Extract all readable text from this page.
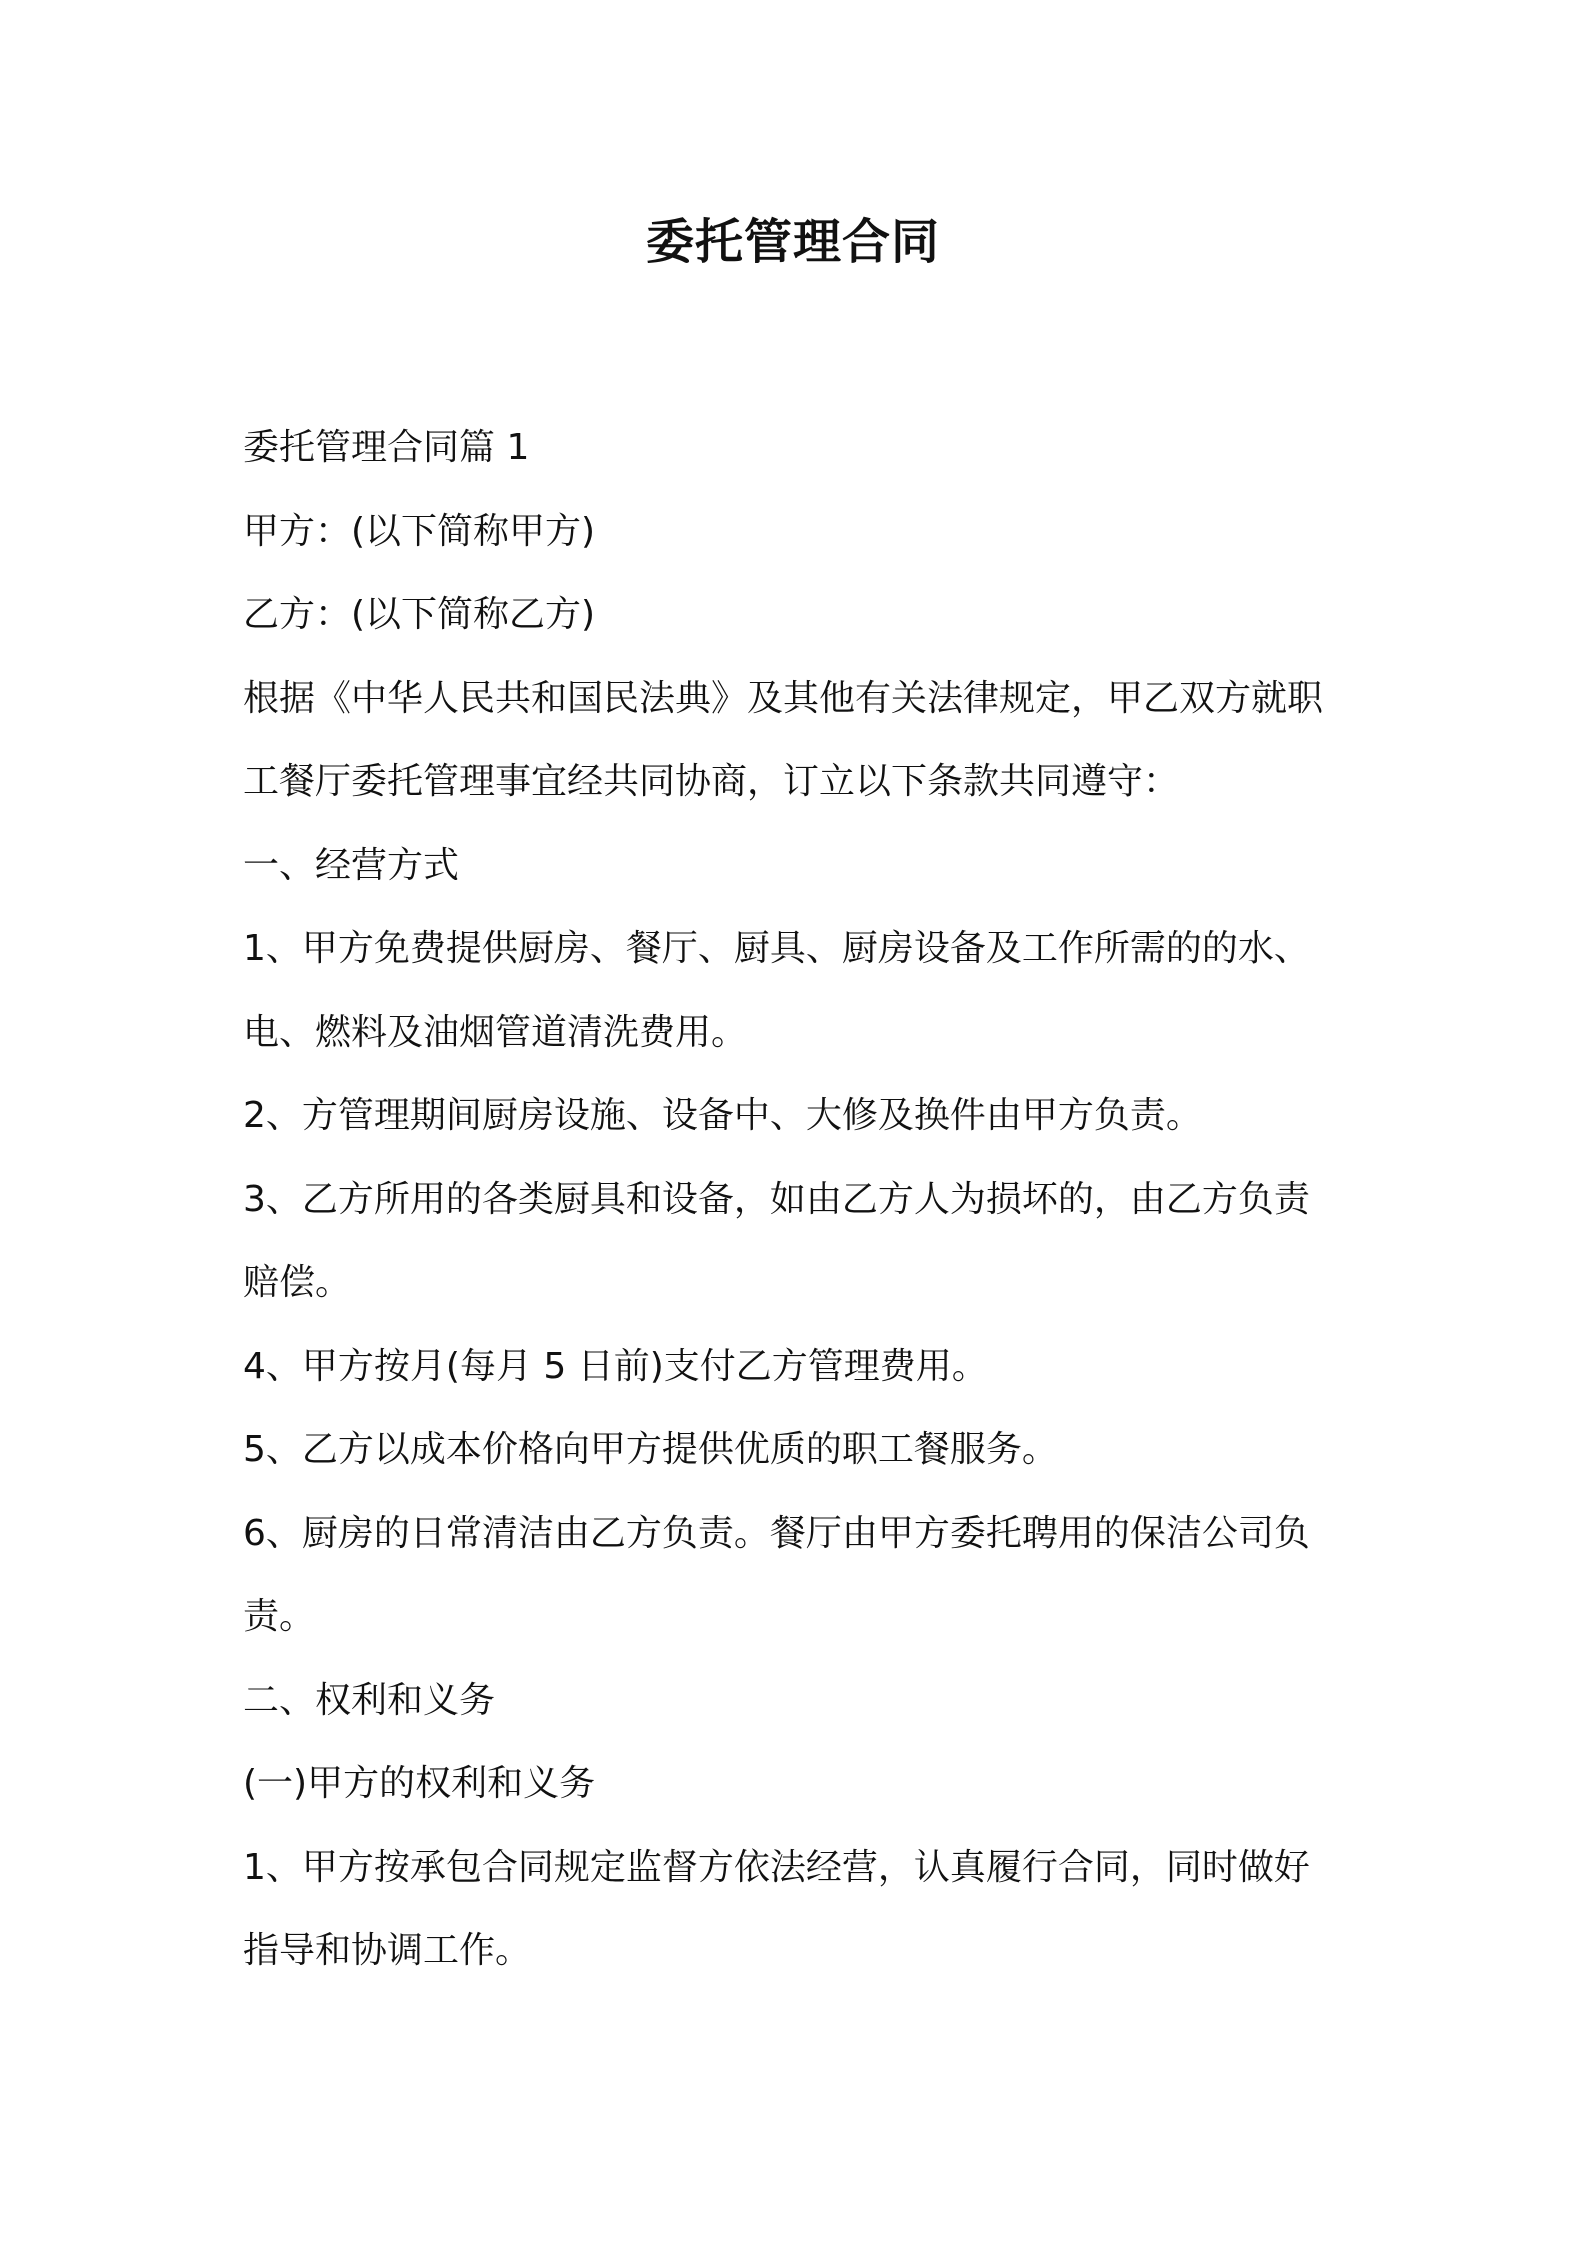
委托管理合同
委托管理合同篇 1
甲方：(以下简称甲方)
乙方：(以下简称乙方)
根据《中华人民共和国民法典》及其他有关法律规定，甲乙双方就职
工餐厅委托管理事宜经共同协商，订立以下条款共同遵守：
一、经营方式
1、甲方免费提供厨房、餐厅、厨具、厨房设备及工作所需的的水、
电、燃料及油烟管道清洗费用。
2、方管理期间厨房设施、设备中、大修及换件由甲方负责。
3、乙方所用的各类厨具和设备，如由乙方人为损坏的，由乙方负责
赔偿。
4、甲方按月(每月 5 日前)支付乙方管理费用。
5、乙方以成本价格向甲方提供优质的职工餐服务。
6、厨房的日常清洁由乙方负责。餐厅由甲方委托聘用的保洁公司负
责。
二、权利和义务
(一)甲方的权利和义务
1、甲方按承包合同规定监督方依法经营，认真履行合同，同时做好
指导和协调工作。
